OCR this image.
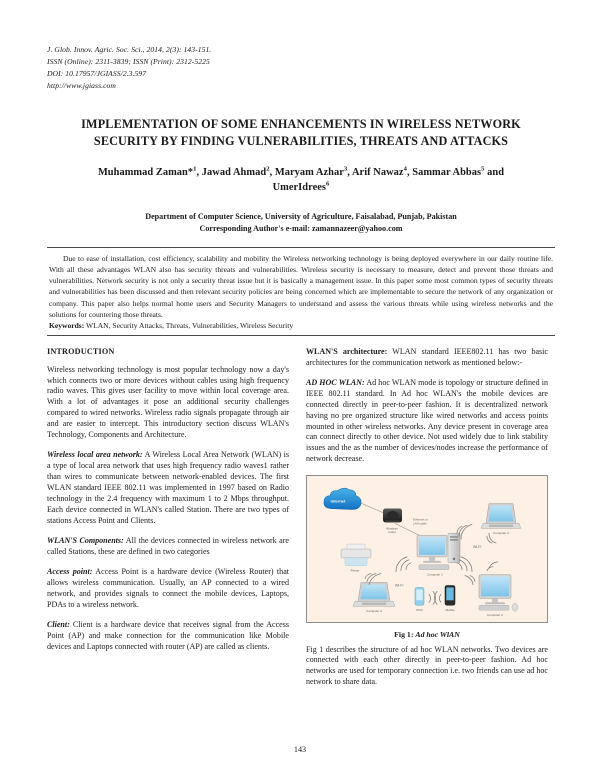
J. Glob. Innov. Agric. Soc. Sci., 2014, 2(3): 143-151.
ISSN (Online): 2311-3839; ISSN (Print): 2312-5225
DOI: 10.17957/JGIASS/2.3.597
http://www.jgiass.com
IMPLEMENTATION OF SOME ENHANCEMENTS IN WIRELESS NETWORK
SECURITY BY FINDING VULNERABILITIES, THREATS AND ATTACKS
Muhammad Zaman*$^1$, Jawad Ahmad$^2$, Maryam Azhar$^3$, Arif Nawaz$^4$, Sammar Abbas$^5$ and
UmerIdrees$^6$
Department of Computer Science, University of Agriculture, Faisalabad, Punjab, Pakistan
Corresponding Author's e-mail: zamannazeer@yahoo.com

Due to ease of installation, cost efficiency, scalability and mobility the Wireless networking technology is being deployed everywhere in our daily routine life. With all these advantages WLAN also has security threats and vulnerabilities. Wireless security is necessary to measure, detect and prevent those threats and vulnerabilities. Network security is not only a security threat issue but it is basically a management issue. In this paper some most common types of security threats and vulnerabilities has been discussed and then relevant security policies are being concerned which are implementable to secure the network of any organization or company. This paper also helps normal home users and Security Managers to understand and assess the various threats while using wireless networks and the solutions for countering those threats.

Keywords: WLAN, Security Attacks, Threats, Vulnerabilities, Wireless Security

INTRODUCTION

Wireless networking technology is most popular technology now a day's which connects two or more devices without cables using high frequency radio waves. This gives user facility to move within local coverage area. With a lot of advantages it pose an additional security challenges compared to wired networks. Wireless radio signals propagate through air and are easier to intercept. This introductory section discuss WLAN's Technology, Components and Architecture.

Wireless local area network: A Wireless Local Area Network (WLAN) is a type of local area network that uses high frequency radio waves1 rather than wires to communicate between network-enabled devices. The first WLAN standard IEEE 802.11 was implemented in 1997 based on Radio technology in the 2.4 frequency with maximum 1 to 2 Mbps throughput. Each device connected in WLAN's called Station. There are two types of stations Access Point and Clients.

WLAN'S Components: All the devices connected in wireless network are called Stations, these are defined in two categories

Access point: Access Point is a hardware device (Wireless Router) that allows wireless communication. Usually, an AP connected to a wired network, and provides signals to connect the mobile devices, Laptops, PDAs to a wireless network.

Client: Client is a hardware device that receives signal from the Access Point (AP) and make connection for the communication like Mobile devices and Laptops connected with router (AP) are called as clients.

WLAN'S architecture: WLAN standard IEEE802.11 has two basic architectures for the communication network as mentioned below:-

AD HOC WLAN: Ad hoc WLAN mode is topology or structure defined in IEEE 802.11 standard. In Ad hoc WLAN's the mobile devices are connected directly in peer-to-peer fashion. It is decentralized network having no pre organized structure like wired networks and access points mounted in other wireless networks. Any device present in coverage area can connect directly to other device. Not used widely due to link stability issues and the as the number of devices/nodes increase the performance of network decrease.

Internet
Wireless
router
Ethernet or
LAN cable
Computer 1
Computer 3
Printer
Computer 4	PDA	Mobile
Computer 2
Wi-Fi
Wi-Fi
Fig 1: Ad hoc WlAN

Fig 1 describes the structure of ad hoc WLAN networks. Two devices are connected with each other directly in peer-to-peer fashion. Ad hoc networks are used for temporary connection i.e. two friends can use ad hoc network to share data.

143
